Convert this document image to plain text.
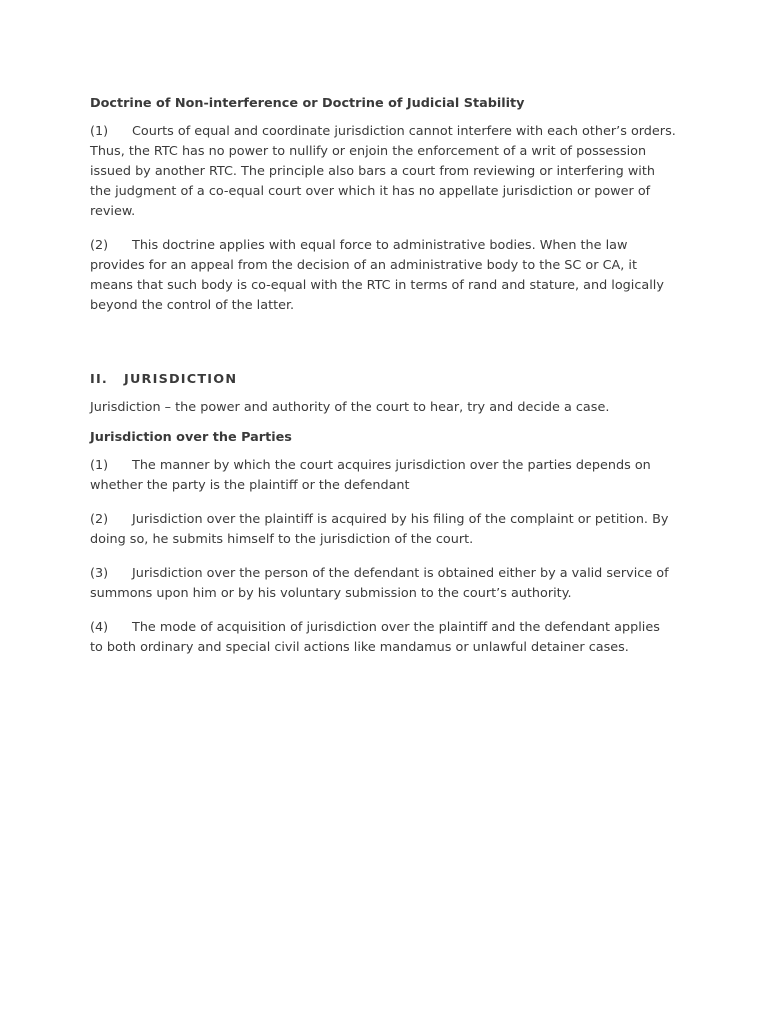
Doctrine of Non-interference or Doctrine of Judicial Stability

(1) Courts of equal and coordinate jurisdiction cannot interfere with each other’s orders. Thus, the RTC has no power to nullify or enjoin the enforcement of a writ of possession issued by another RTC. The principle also bars a court from reviewing or interfering with the judgment of a co-equal court over which it has no appellate jurisdiction or power of review.

(2) This doctrine applies with equal force to administrative bodies. When the law provides for an appeal from the decision of an administrative body to the SC or CA, it means that such body is co-equal with the RTC in terms of rand and stature, and logically beyond the control of the latter.

II. JURISDICTION

Jurisdiction – the power and authority of the court to hear, try and decide a case.

Jurisdiction over the Parties

(1) The manner by which the court acquires jurisdiction over the parties depends on whether the party is the plaintiff or the defendant

(2) Jurisdiction over the plaintiff is acquired by his filing of the complaint or petition. By doing so, he submits himself to the jurisdiction of the court.

(3) Jurisdiction over the person of the defendant is obtained either by a valid service of summons upon him or by his voluntary submission to the court’s authority.

(4) The mode of acquisition of jurisdiction over the plaintiff and the defendant applies to both ordinary and special civil actions like mandamus or unlawful detainer cases.
